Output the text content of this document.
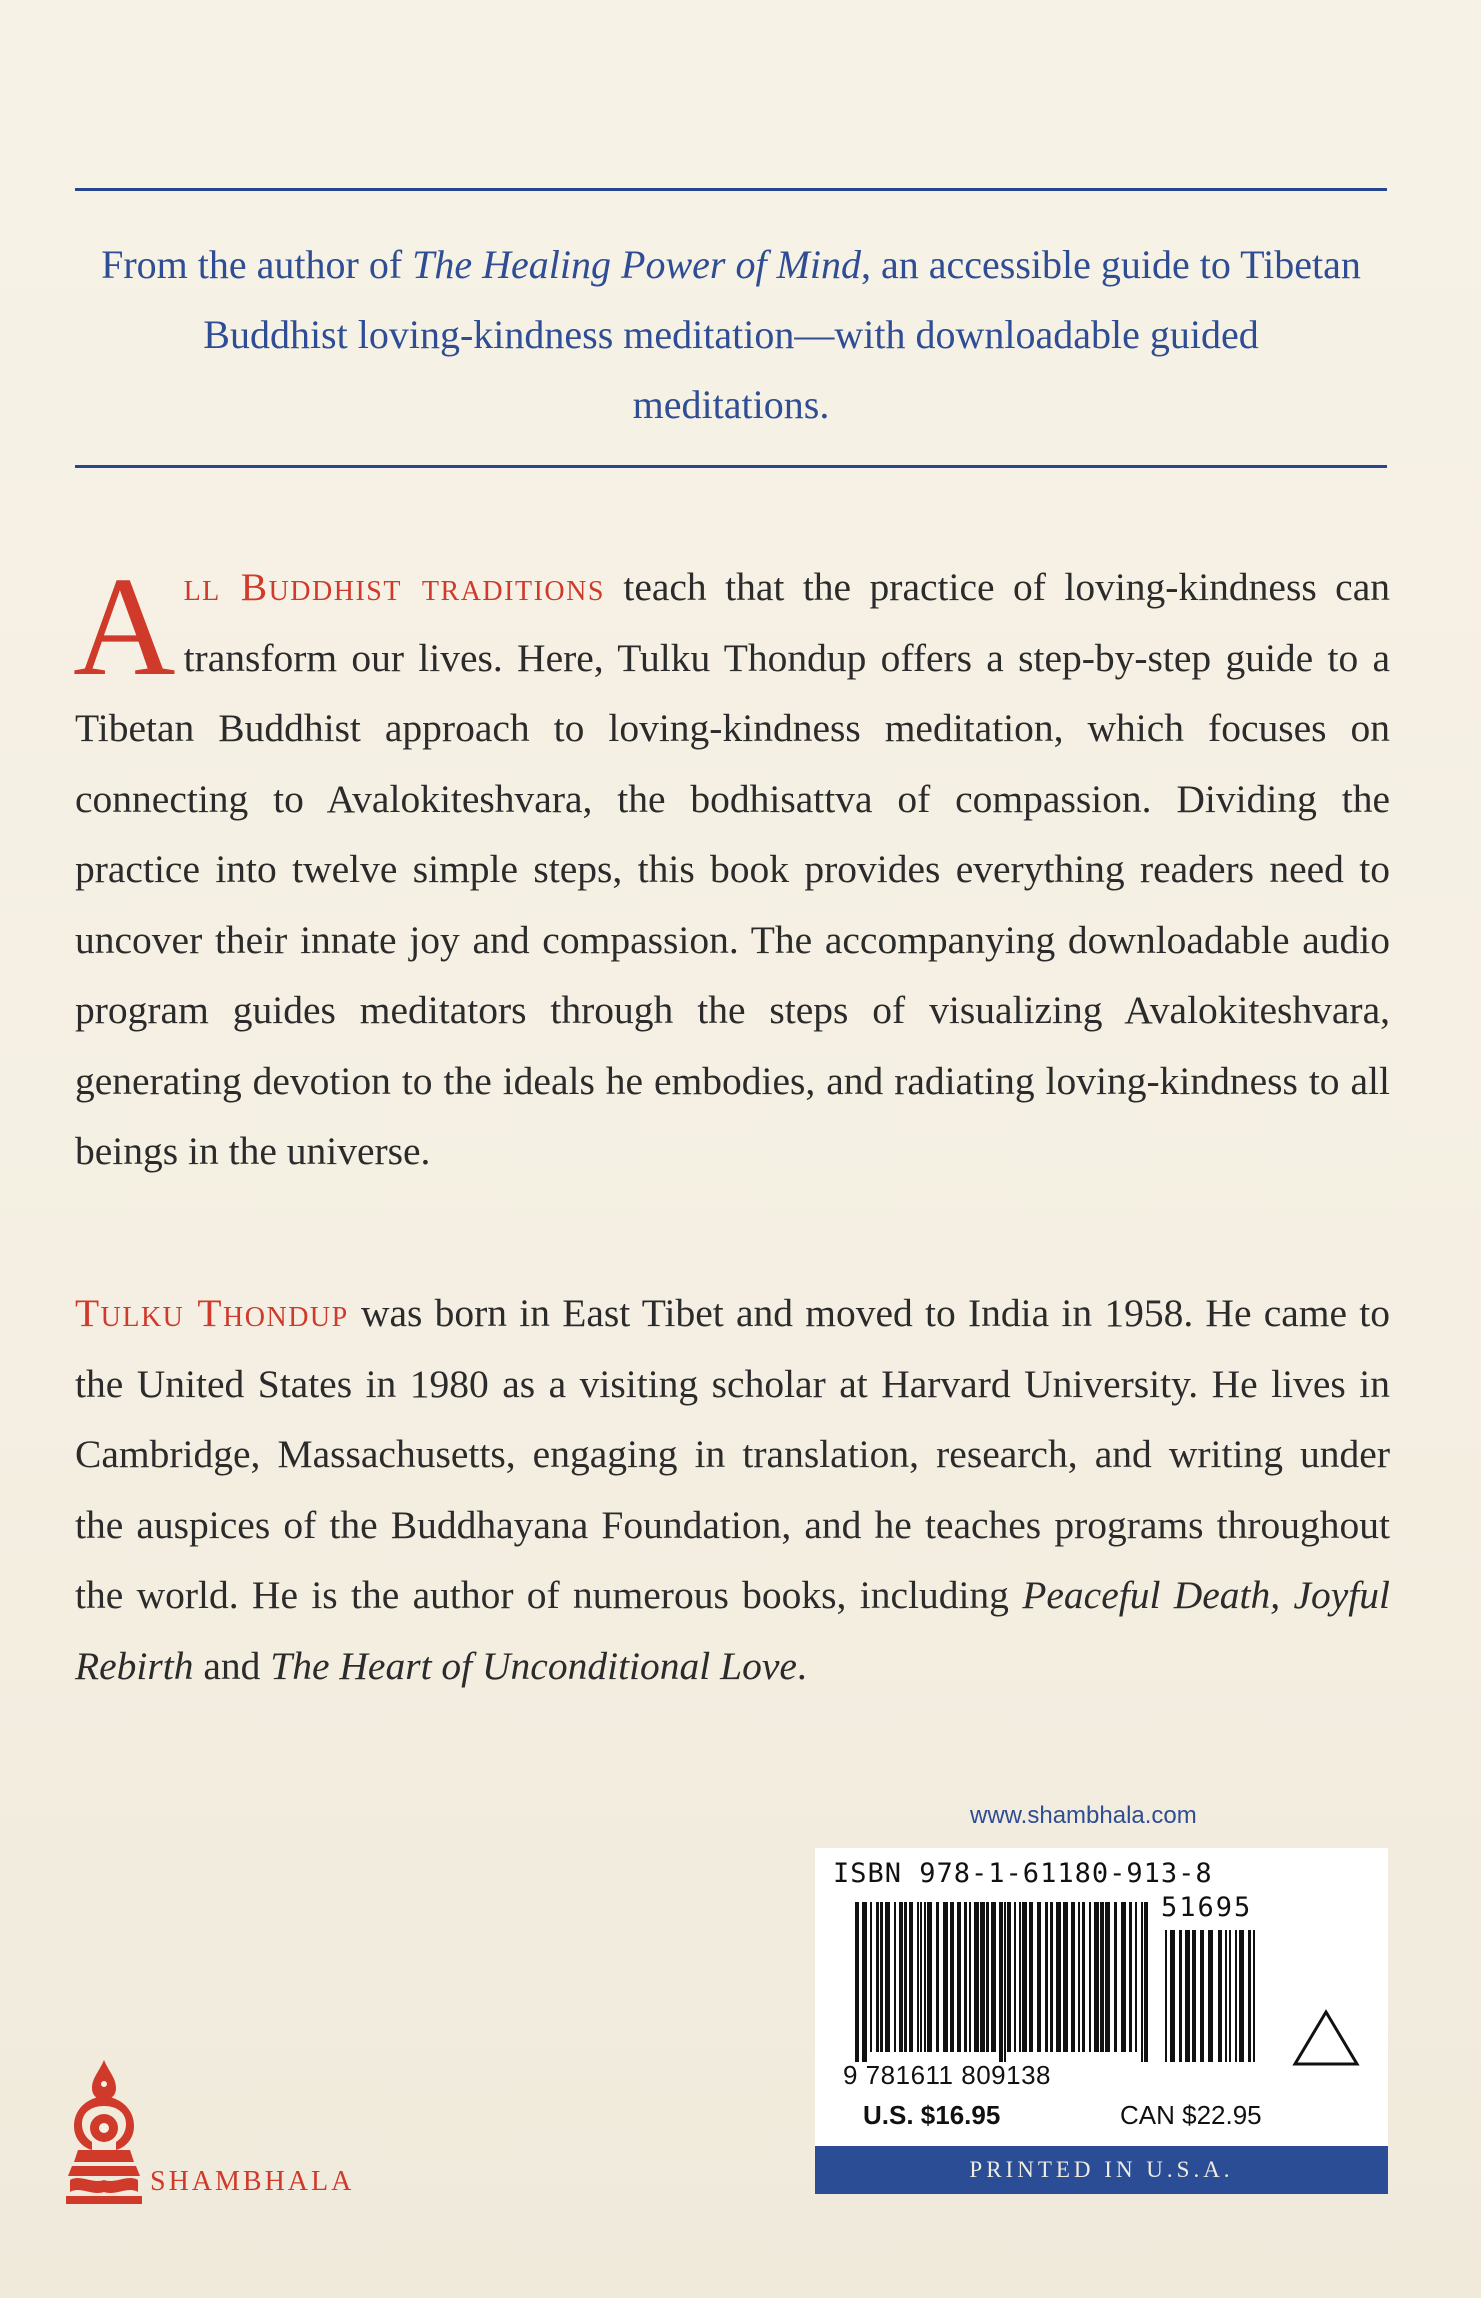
From the author of The Healing Power of Mind, an accessible guide to Tibetan Buddhist loving-kindness meditation—with downloadable guided meditations.
All Buddhist traditions teach that the practice of loving-kindness can transform our lives. Here, Tulku Thondup offers a step-by-step guide to a Tibetan Buddhist approach to loving-kindness meditation, which focuses on connecting to Avalokiteshvara, the bodhisattva of compassion. Dividing the practice into twelve simple steps, this book provides everything readers need to uncover their innate joy and compassion. The accompanying downloadable audio program guides meditators through the steps of visualizing Avalokiteshvara, generating devotion to the ideals he embodies, and radiating loving-kindness to all beings in the universe.
Tulku Thondup was born in East Tibet and moved to India in 1958. He came to the United States in 1980 as a visiting scholar at Harvard University. He lives in Cambridge, Massachusetts, engaging in translation, research, and writing under the auspices of the Buddhayana Foundation, and he teaches programs throughout the world. He is the author of numerous books, including Peaceful Death, Joyful Rebirth and The Heart of Unconditional Love.
www.shambhala.com
ISBN 978-1-61180-913-8
51695
9 781611 809138
U.S. $16.95	CAN $22.95
PRINTED IN U.S.A.
SHAMBHALA
